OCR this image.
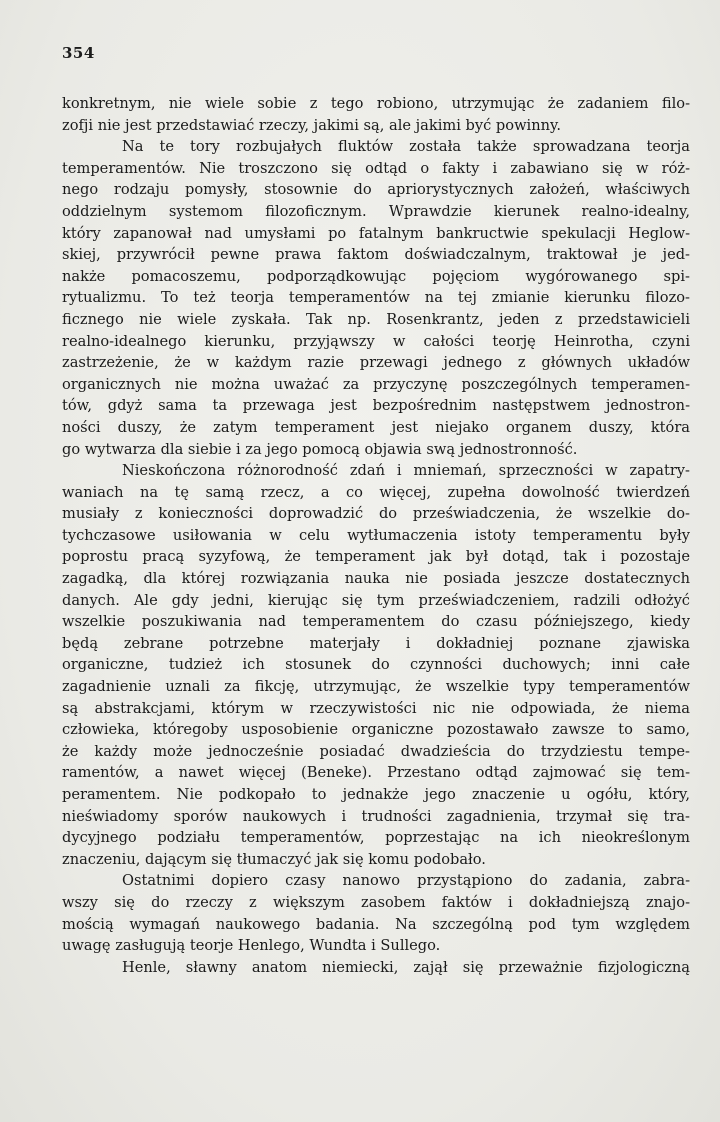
354
konkretnym, nie wiele sobie z tego robiono, utrzymując że zadaniem filo-
zofji nie jest przedstawiać rzeczy, jakimi są, ale jakimi być powinny.
Na te tory rozbujałych fluktów została także sprowadzana teorja
temperamentów. Nie troszczono się odtąd o fakty i zabawiano się w róż-
nego rodzaju pomysły, stosownie do apriorystycznych założeń, właściwych
oddzielnym systemom filozoficznym. Wprawdzie kierunek realno-idealny,
który zapanował nad umysłami po fatalnym bankructwie spekulacji Heglow-
skiej, przywrócił pewne prawa faktom doświadczalnym, traktował je jed-
nakże pomacoszemu, podporządkowując pojęciom wygórowanego spi-
rytualizmu. To też teorja temperamentów na tej zmianie kierunku filozo-
ficznego nie wiele zyskała. Tak np. Rosenkrantz, jeden z przedstawicieli
realno-idealnego kierunku, przyjąwszy w całości teorję Heinrotha, czyni
zastrzeżenie, że w każdym razie przewagi jednego z głównych układów
organicznych nie można uważać za przyczynę poszczególnych temperamen-
tów, gdyż sama ta przewaga jest bezpośrednim następstwem jednostron-
ności duszy, że zatym temperament jest niejako organem duszy, która
go wytwarza dla siebie i za jego pomocą objawia swą jednostronność.
Nieskończona różnorodność zdań i mniemań, sprzeczności w zapatry-
waniach na tę samą rzecz, a co więcej, zupełna dowolność twierdzeń
musiały z konieczności doprowadzić do przeświadczenia, że wszelkie do-
tychczasowe usiłowania w celu wytłumaczenia istoty temperamentu były
poprostu pracą syzyfową, że temperament jak był dotąd, tak i pozostaje
zagadką, dla której rozwiązania nauka nie posiada jeszcze dostatecznych
danych. Ale gdy jedni, kierując się tym przeświadczeniem, radzili odłożyć
wszelkie poszukiwania nad temperamentem do czasu późniejszego, kiedy
będą zebrane potrzebne materjały i dokładniej poznane zjawiska
organiczne, tudzież ich stosunek do czynności duchowych; inni całe
zagadnienie uznali za fikcję, utrzymując, że wszelkie typy temperamentów
są abstrakcjami, którym w rzeczywistości nic nie odpowiada, że niema
człowieka, któregoby usposobienie organiczne pozostawało zawsze to samo,
że każdy może jednocześnie posiadać dwadzieścia do trzydziestu tempe-
ramentów, a nawet więcej (Beneke). Przestano odtąd zajmować się tem-
peramentem. Nie podkopało to jednakże jego znaczenie u ogółu, który,
nieświadomy sporów naukowych i trudności zagadnienia, trzymał się tra-
dycyjnego podziału temperamentów, poprzestając na ich nieokreślonym
znaczeniu, dającym się tłumaczyć jak się komu podobało.
Ostatnimi dopiero czasy nanowo przystąpiono do zadania, zabra-
wszy się do rzeczy z większym zasobem faktów i dokładniejszą znajo-
mością wymagań naukowego badania. Na szczególną pod tym względem
uwagę zasługują teorje Henlego, Wundta i Sullego.
Henle, sławny anatom niemiecki, zajął się przeważnie fizjologiczną
